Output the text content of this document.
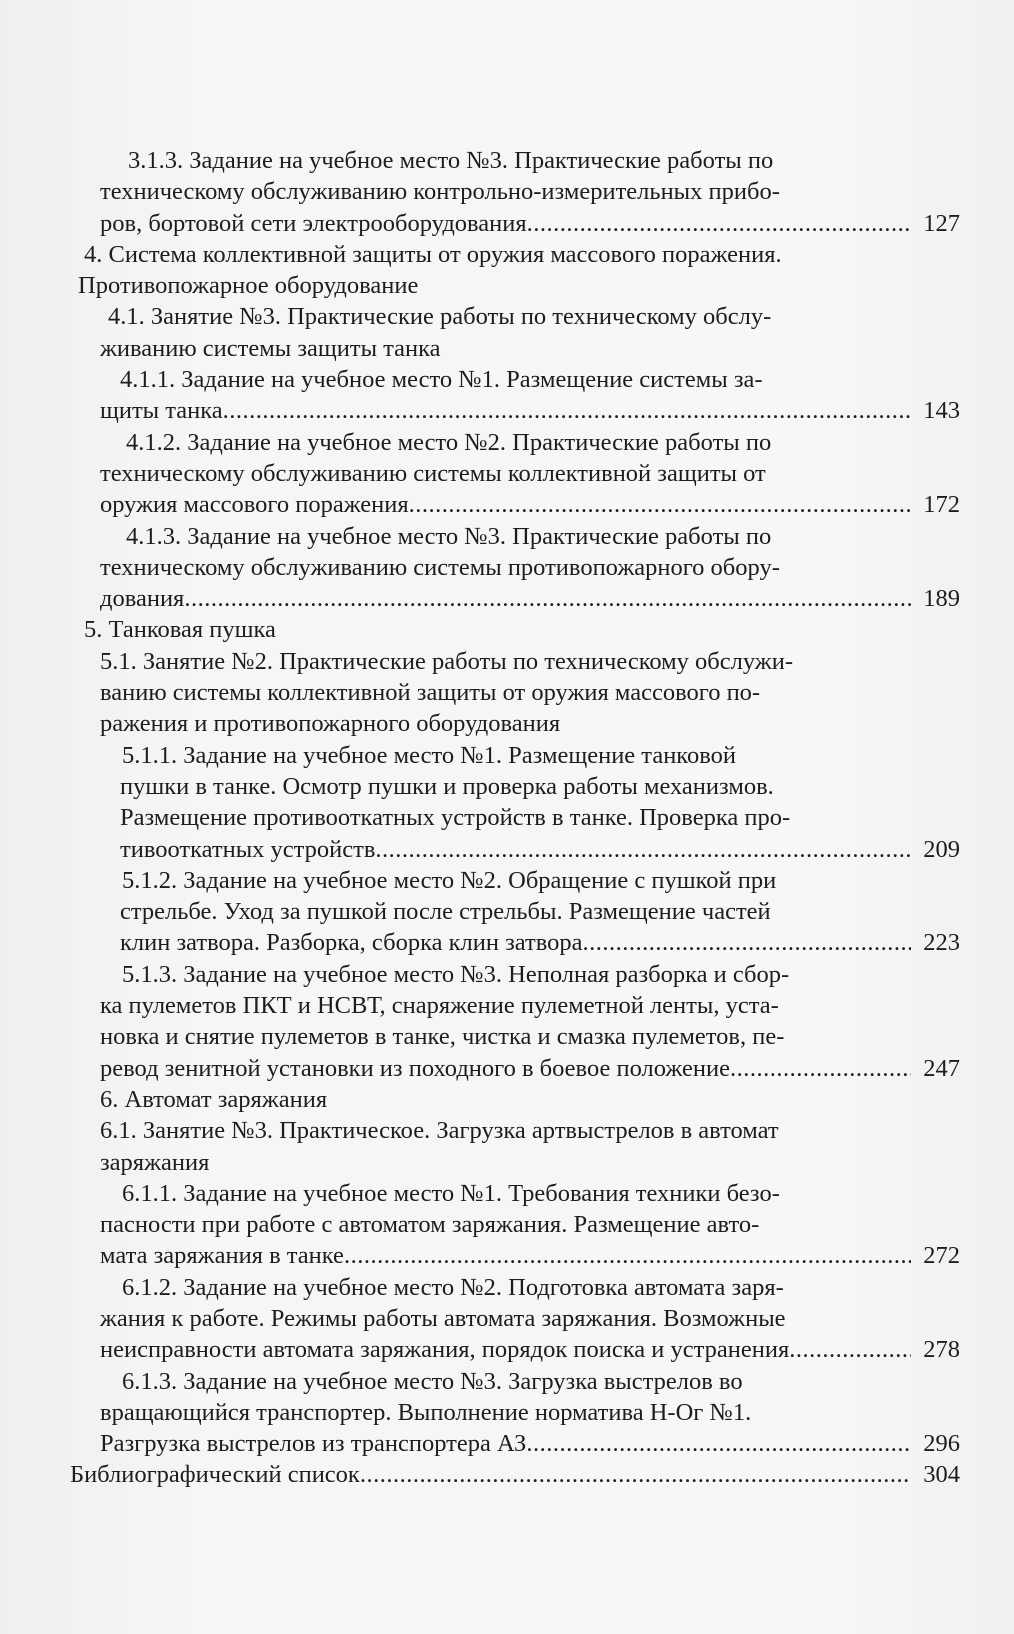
3.1.3. Задание на учебное место №3. Практические работы по
техническому обслуживанию контрольно-измерительных прибо-
ров, бортовой сети электрооборудования .....	127
4. Система коллективной защиты от оружия массового поражения.
Противопожарное оборудование
4.1. Занятие №3. Практические работы по техническому обслу-
живанию системы защиты танка
4.1.1. Задание на учебное место №1. Размещение системы за-
щиты танка .....	143
4.1.2. Задание на учебное место №2. Практические работы по
техническому обслуживанию системы коллективной защиты от
оружия массового поражения .....	172
4.1.3. Задание на учебное место №3. Практические работы по
техническому обслуживанию системы противопожарного обору-
дования .....	189
5. Танковая пушка
5.1. Занятие №2. Практические работы по техническому обслужи-
ванию системы коллективной защиты от оружия массового по-
ражения и противопожарного оборудования
5.1.1. Задание на учебное место №1. Размещение танковой
пушки в танке. Осмотр пушки и проверка работы механизмов.
Размещение противооткатных устройств в танке. Проверка про-
тивооткатных устройств .....	209
5.1.2. Задание на учебное место №2. Обращение с пушкой при
стрельбе. Уход за пушкой после стрельбы. Размещение частей
клин затвора. Разборка, сборка клин затвора .....	223
5.1.3. Задание на учебное место №3. Неполная разборка и сбор-
ка пулеметов ПКТ и НСВТ, снаряжение пулеметной ленты, уста-
новка и снятие пулеметов в танке, чистка и смазка пулеметов, пе-
ревод зенитной установки из походного в боевое положение .....	247
6. Автомат заряжания
6.1. Занятие №3. Практическое. Загрузка артвыстрелов в автомат
заряжания
6.1.1. Задание на учебное место №1. Требования техники безо-
пасности при работе с автоматом заряжания. Размещение авто-
мата заряжания в танке .....	272
6.1.2. Задание на учебное место №2. Подготовка автомата заря-
жания к работе. Режимы работы автомата заряжания. Возможные
неисправности автомата заряжания, порядок поиска и устранения .....	278
6.1.3. Задание на учебное место №3. Загрузка выстрелов во
вращающийся транспортер. Выполнение норматива Н-Ог №1.
Разгрузка выстрелов из транспортера АЗ .....	296
Библиографический список .....	304
